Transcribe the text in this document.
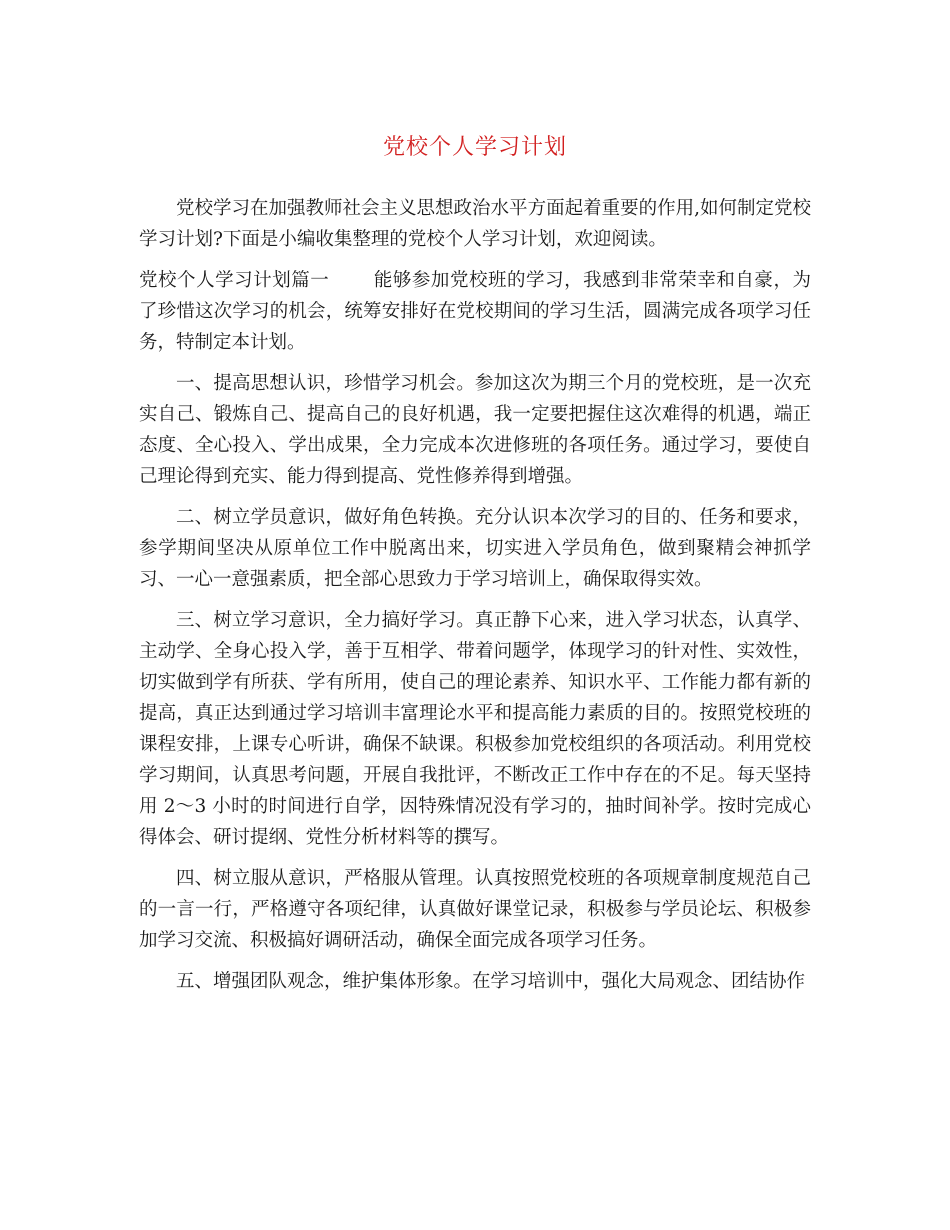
党校个人学习计划

党校学习在加强教师社会主义思想政治水平方面起着重要的作用,如何制定党校学习计划?下面是小编收集整理的党校个人学习计划，欢迎阅读。

党校个人学习计划篇一 能够参加党校班的学习，我感到非常荣幸和自豪，为了珍惜这次学习的机会，统筹安排好在党校期间的学习生活，圆满完成各项学习任务，特制定本计划。

一、提高思想认识，珍惜学习机会。参加这次为期三个月的党校班，是一次充实自己、锻炼自己、提高自己的良好机遇，我一定要把握住这次难得的机遇，端正态度、全心投入、学出成果，全力完成本次进修班的各项任务。通过学习，要使自己理论得到充实、能力得到提高、党性修养得到增强。

二、树立学员意识，做好角色转换。充分认识本次学习的目的、任务和要求，参学期间坚决从原单位工作中脱离出来，切实进入学员角色，做到聚精会神抓学习、一心一意强素质，把全部心思致力于学习培训上，确保取得实效。

三、树立学习意识，全力搞好学习。真正静下心来，进入学习状态，认真学、主动学、全身心投入学，善于互相学、带着问题学，体现学习的针对性、实效性，切实做到学有所获、学有所用，使自己的理论素养、知识水平、工作能力都有新的提高，真正达到通过学习培训丰富理论水平和提高能力素质的目的。按照党校班的课程安排，上课专心听讲，确保不缺课。积极参加党校组织的各项活动。利用党校学习期间，认真思考问题，开展自我批评，不断改正工作中存在的不足。每天坚持用 2～3 小时的时间进行自学，因特殊情况没有学习的，抽时间补学。按时完成心得体会、研讨提纲、党性分析材料等的撰写。

四、树立服从意识，严格服从管理。认真按照党校班的各项规章制度规范自己的一言一行，严格遵守各项纪律，认真做好课堂记录，积极参与学员论坛、积极参加学习交流、积极搞好调研活动，确保全面完成各项学习任务。

五、增强团队观念，维护集体形象。在学习培训中，强化大局观念、团结协作
